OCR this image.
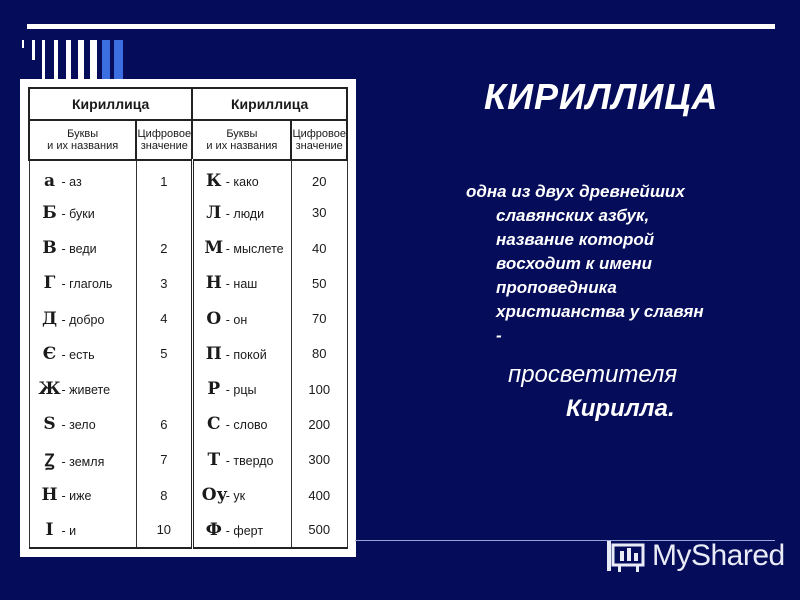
Кириллица		Кириллица	
Буквы
и их названия	Цифровое
значение	Буквы
и их названия	Цифровое
значение
а - аз	1	К - како	20
Б - буки		Л - люди	30
В - веди	2	М - мыслете	40
Г - глаголь	3	Н - наш	50
Д - добро	4	О - он	70
Є - есть	5	П - покой	80
Ж- живете		Р - рцы	100
Ѕ - зело	6	С - слово	200
Ꙁ - земля	7	Т - твердо	300
Н - иже	8	Оу- ук	400
І - и	10	Ф - ферт	500
КИРИЛЛИЦА
одна из двух древнейших
славянских азбук,
название которой
восходит к имени
проповедника
христианства у славян
-
просветителя
Кирилла.
MyShared
